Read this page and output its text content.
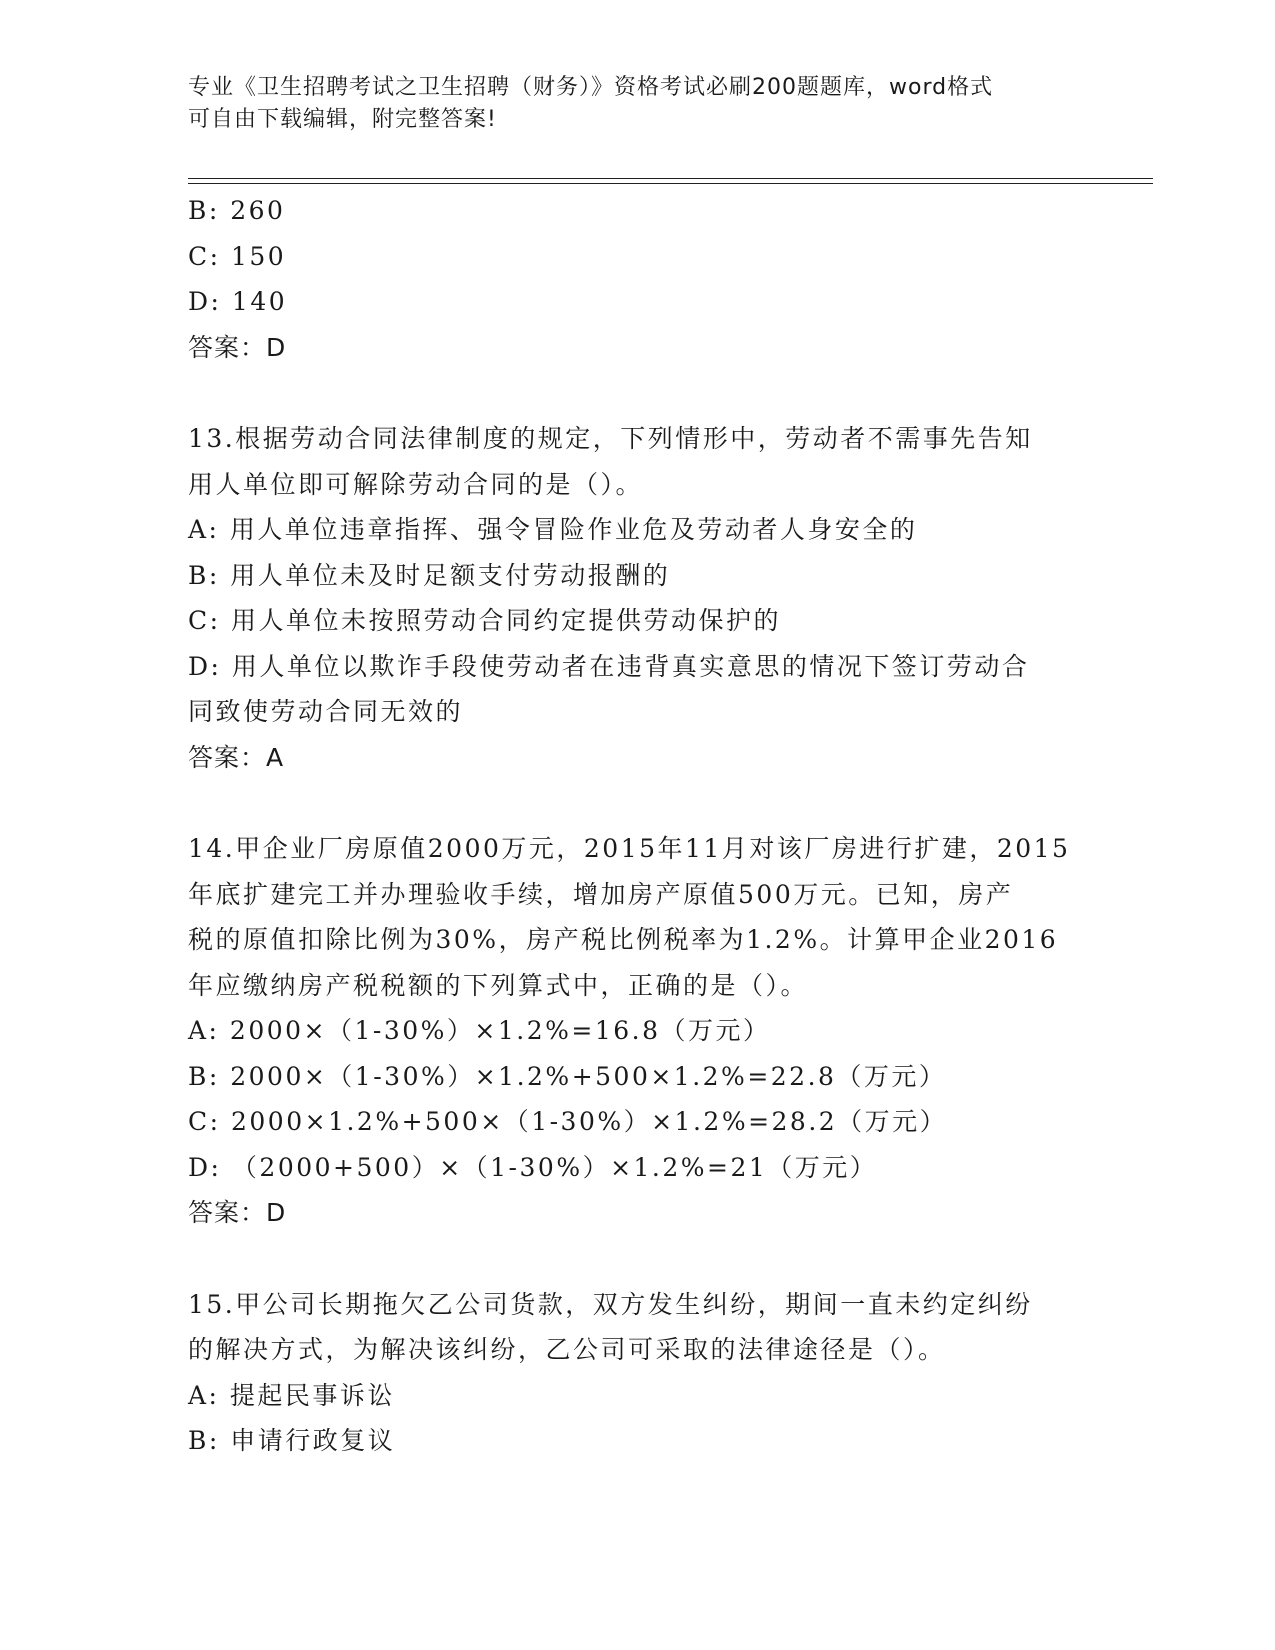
专业《卫生招聘考试之卫生招聘（财务）》资格考试必刷200题题库，word格式
可自由下载编辑，附完整答案!

B: 260

C: 150

D: 140

答案：D

13.根据劳动合同法律制度的规定，下列情形中，劳动者不需事先告知

用人单位即可解除劳动合同的是（）。

A: 用人单位违章指挥、强令冒险作业危及劳动者人身安全的

B: 用人单位未及时足额支付劳动报酬的

C: 用人单位未按照劳动合同约定提供劳动保护的

D: 用人单位以欺诈手段使劳动者在违背真实意思的情况下签订劳动合

同致使劳动合同无效的

答案：A

14.甲企业厂房原值2000万元，2015年11月对该厂房进行扩建，2015

年底扩建完工并办理验收手续，增加房产原值500万元。已知，房产

税的原值扣除比例为30%，房产税比例税率为1.2%。计算甲企业2016

年应缴纳房产税税额的下列算式中，正确的是（）。

A: 2000×（1-30%）×1.2%=16.8（万元）

B: 2000×（1-30%）×1.2%+500×1.2%=22.8（万元）

C: 2000×1.2%+500×（1-30%）×1.2%=28.2（万元）

D: （2000+500）×（1-30%）×1.2%=21（万元）

答案：D

15.甲公司长期拖欠乙公司货款，双方发生纠纷，期间一直未约定纠纷

的解决方式，为解决该纠纷，乙公司可采取的法律途径是（）。

A: 提起民事诉讼

B: 申请行政复议
